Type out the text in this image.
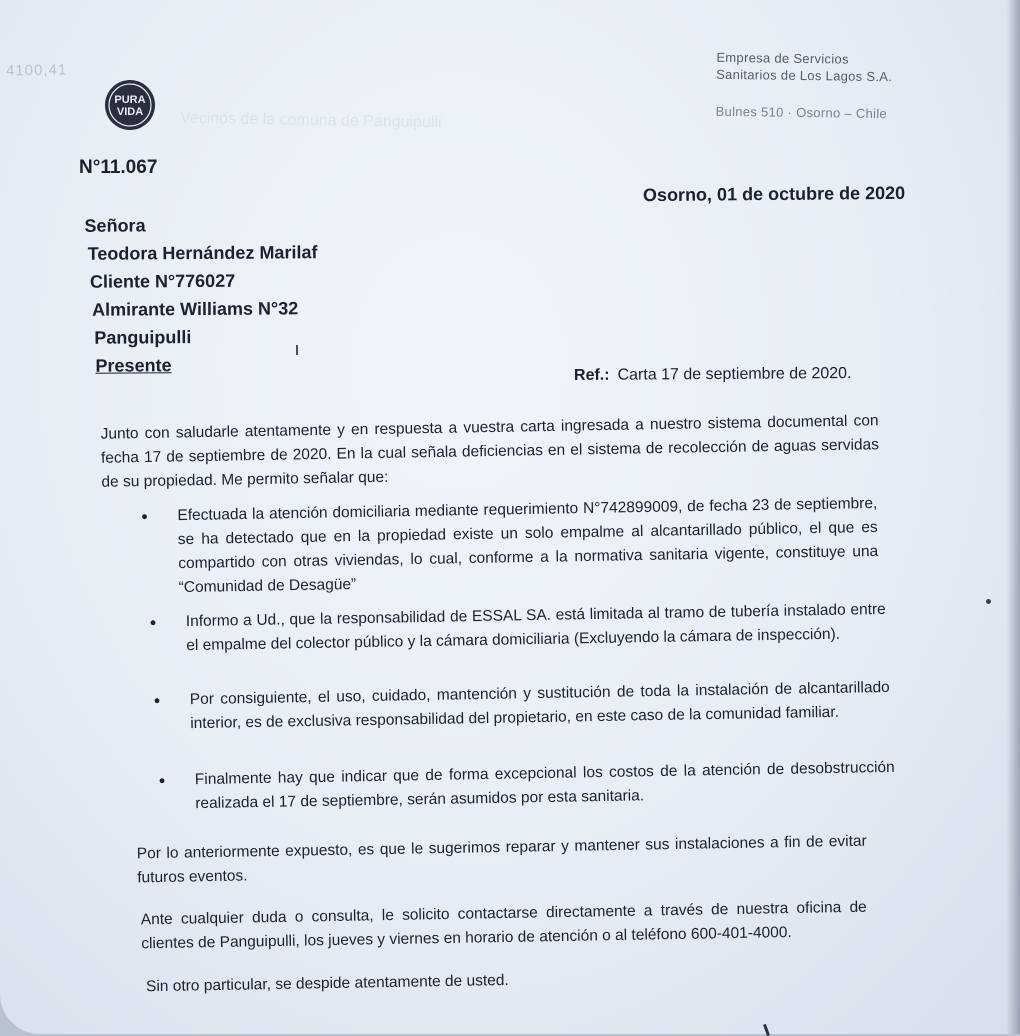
4100,41
PURA
VIDA
Empresa de Servicios
Sanitarios de Los Lagos S.A.
Bulnes 510 · Osorno – Chile
Vecinos de la comuna de Panguipulli
N°11.067
Osorno, 01 de octubre de 2020
Señora
Teodora Hernández Marilaf
Cliente N°776027
Almirante Williams N°32
Panguipulli
Presente	Ref.: Carta 17 de septiembre de 2020.
Junto con saludarle atentamente y en respuesta a vuestra carta ingresada a nuestro sistema documental con fecha 17 de septiembre de 2020. En la cual señala deficiencias en el sistema de recolección de aguas servidas de su propiedad. Me permito señalar que:
• Efectuada la atención domiciliaria mediante requerimiento N°742899009, de fecha 23 de septiembre, se ha detectado que en la propiedad existe un solo empalme al alcantarillado público, el que es compartido con otras viviendas, lo cual, conforme a la normativa sanitaria vigente, constituye una “Comunidad de Desagüe”
• Informo a Ud., que la responsabilidad de ESSAL SA. está limitada al tramo de tubería instalado entre el empalme del colector público y la cámara domiciliaria (Excluyendo la cámara de inspección).
• Por consiguiente, el uso, cuidado, mantención y sustitución de toda la instalación de alcantarillado interior, es de exclusiva responsabilidad del propietario, en este caso de la comunidad familiar.
• Finalmente hay que indicar que de forma excepcional los costos de la atención de desobstrucción realizada el 17 de septiembre, serán asumidos por esta sanitaria.
Por lo anteriormente expuesto, es que le sugerimos reparar y mantener sus instalaciones a fin de evitar futuros eventos.
Ante cualquier duda o consulta, le solicito contactarse directamente a través de nuestra oficina de clientes de Panguipulli, los jueves y viernes en horario de atención o al teléfono 600-401-4000.
Sin otro particular, se despide atentamente de usted.
